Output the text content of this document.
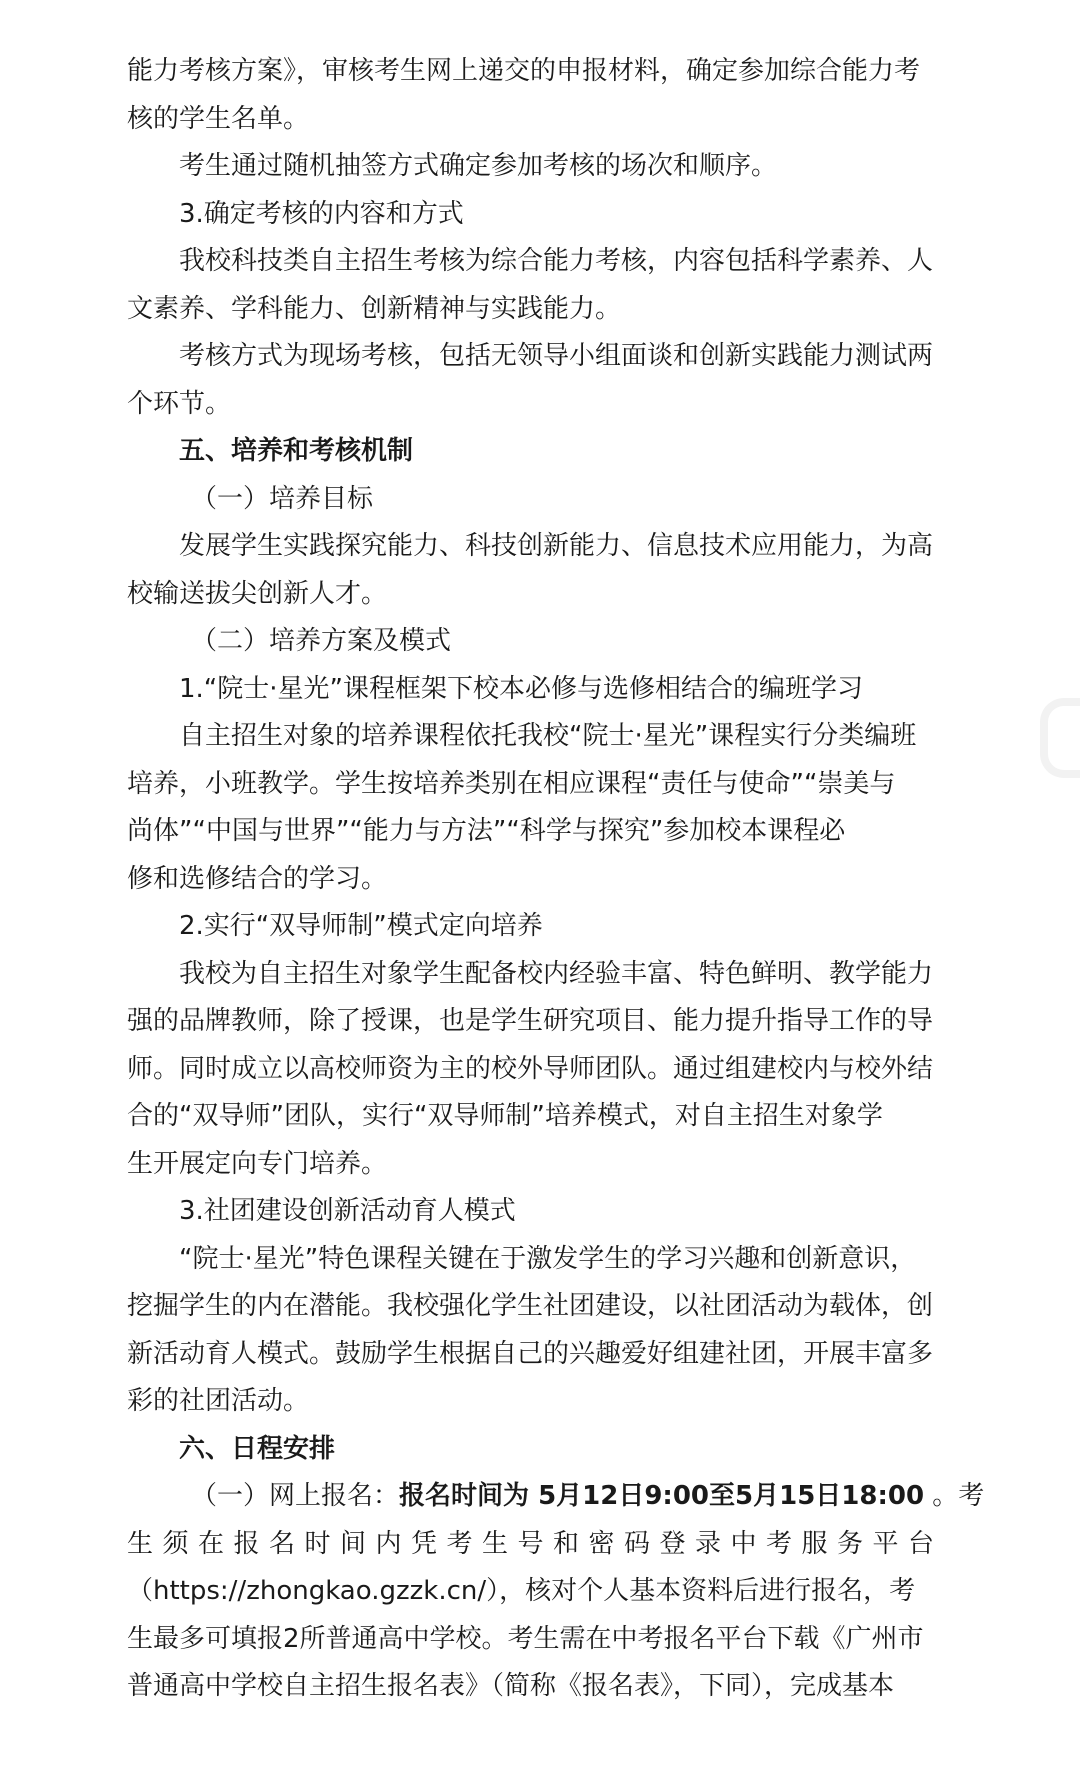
能力考核方案》，审核考生网上递交的申报材料，确定参加综合能力考
核的学生名单。
考生通过随机抽签方式确定参加考核的场次和顺序。
3.确定考核的内容和方式
我校科技类自主招生考核为综合能力考核，内容包括科学素养、人
文素养、学科能力、创新精神与实践能力。
考核方式为现场考核，包括无领导小组面谈和创新实践能力测试两
个环节。
五、培养和考核机制
（一）培养目标
发展学生实践探究能力、科技创新能力、信息技术应用能力，为高
校输送拔尖创新人才。
（二）培养方案及模式
1.“院士·星光”课程框架下校本必修与选修相结合的编班学习
自主招生对象的培养课程依托我校“院士·星光”课程实行分类编班
培养，小班教学。学生按培养类别在相应课程“责任与使命”“崇美与
尚体”“中国与世界”“能力与方法”“科学与探究”参加校本课程必
修和选修结合的学习。
2.实行“双导师制”模式定向培养
我校为自主招生对象学生配备校内经验丰富、特色鲜明、教学能力
强的品牌教师，除了授课，也是学生研究项目、能力提升指导工作的导
师。同时成立以高校师资为主的校外导师团队。通过组建校内与校外结
合的“双导师”团队，实行“双导师制”培养模式，对自主招生对象学
生开展定向专门培养。
3.社团建设创新活动育人模式
“院士·星光”特色课程关键在于激发学生的学习兴趣和创新意识，
挖掘学生的内在潜能。我校强化学生社团建设，以社团活动为载体，创
新活动育人模式。鼓励学生根据自己的兴趣爱好组建社团，开展丰富多
彩的社团活动。
六、日程安排
（一）网上报名：报名时间为 5月12日9:00至5月15日18:00 。考
生须在报名时间内凭考生号和密码登录中考服务平台
（https://zhongkao.gzzk.cn/），核对个人基本资料后进行报名，考
生最多可填报2所普通高中学校。考生需在中考报名平台下载《广州市
普通高中学校自主招生报名表》（简称《报名表》，下同），完成基本
